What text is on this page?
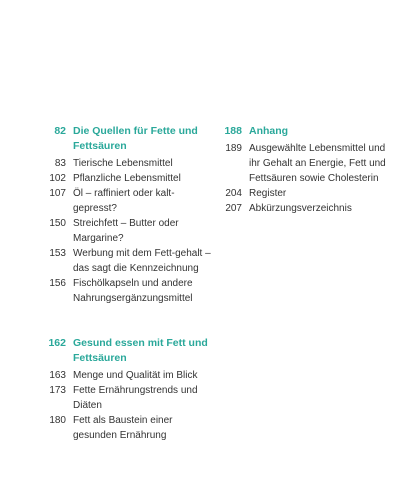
82 Die Quellen für Fette und Fettsäuren
83 Tierische Lebensmittel
102 Pflanzliche Lebensmittel
107 Öl – raffiniert oder kalt-gepresst?
150 Streichfett – Butter oder Margarine?
153 Werbung mit dem Fett-gehalt – das sagt die Kennzeichnung
156 Fischölkapseln und andere Nahrungsergänzungsmittel
162 Gesund essen mit Fett und Fettsäuren
163 Menge und Qualität im Blick
173 Fette Ernährungstrends und Diäten
180 Fett als Baustein einer gesunden Ernährung
188 Anhang
189 Ausgewählte Lebensmittel und ihr Gehalt an Energie, Fett und Fettsäuren sowie Cholesterin
204 Register
207 Abkürzungsverzeichnis
